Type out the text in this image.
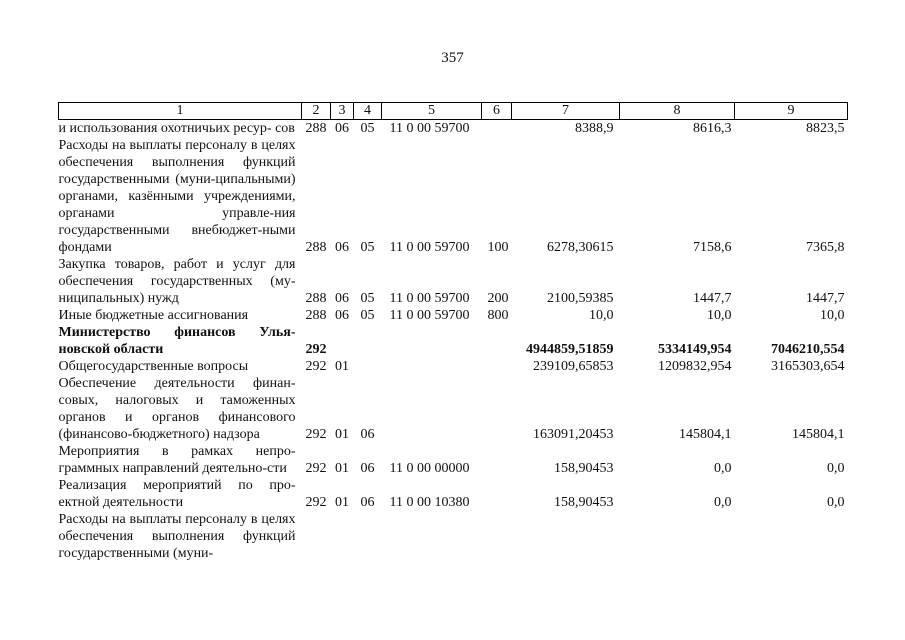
357
1	2	3	4	5	6	7	8	9
и использования охотничьих ресур- сов	288	06	05	11 0 00 59700		8388,9	8616,3	8823,5
Расходы на выплаты персоналу в целях обеспечения выполнения функций государственными (муни-ципальными) органами, казёнными учреждениями, органами управле-ния государственными внебюджет-ными фондами	288	06	05	11 0 00 59700	100	6278,30615	7158,6	7365,8
Закупка товаров, работ и услуг для обеспечения государственных (му-ниципальных) нужд	288	06	05	11 0 00 59700	200	2100,59385	1447,7	1447,7
Иные бюджетные ассигнования	288	06	05	11 0 00 59700	800	10,0	10,0	10,0
Министерство финансов Улья-новской области	292					4944859,51859	5334149,954	7046210,554
Общегосударственные вопросы	292	01				239109,65853	1209832,954	3165303,654
Обеспечение деятельности финан-совых, налоговых и таможенных органов и органов финансового (финансово-бюджетного) надзора	292	01	06			163091,20453	145804,1	145804,1
Мероприятия в рамках непро-граммных направлений деятельно-сти	292	01	06	11 0 00 00000		158,90453	0,0	0,0
Реализация мероприятий по про-ектной деятельности	292	01	06	11 0 00 10380		158,90453	0,0	0,0
Расходы на выплаты персоналу в целях обеспечения выполнения функций государственными (муни-								
